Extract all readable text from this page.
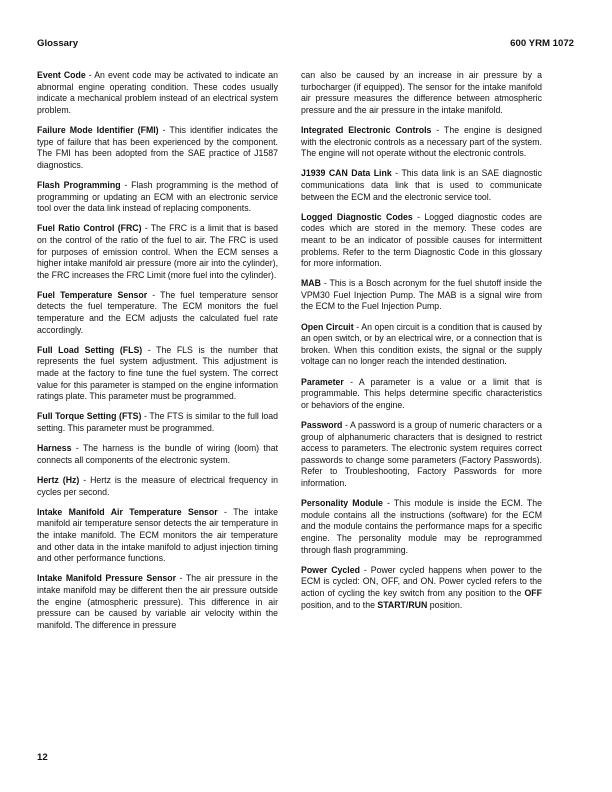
Glossary	600 YRM 1072

Event Code - An event code may be activated to indicate an abnormal engine operating condition. These codes usually indicate a mechanical problem instead of an electrical system problem.

Failure Mode Identifier (FMI) - This identifier indicates the type of failure that has been experienced by the component. The FMI has been adopted from the SAE practice of J1587 diagnostics.

Flash Programming - Flash programming is the method of programming or updating an ECM with an electronic service tool over the data link instead of replacing components.

Fuel Ratio Control (FRC) - The FRC is a limit that is based on the control of the ratio of the fuel to air. The FRC is used for purposes of emission control. When the ECM senses a higher intake manifold air pressure (more air into the cylinder), the FRC increases the FRC Limit (more fuel into the cylinder).

Fuel Temperature Sensor - The fuel temperature sensor detects the fuel temperature. The ECM monitors the fuel temperature and the ECM adjusts the calculated fuel rate accordingly.

Full Load Setting (FLS) - The FLS is the number that represents the fuel system adjustment. This adjustment is made at the factory to fine tune the fuel system. The correct value for this parameter is stamped on the engine information ratings plate. This parameter must be programmed.

Full Torque Setting (FTS) - The FTS is similar to the full load setting. This parameter must be programmed.

Harness - The harness is the bundle of wiring (loom) that connects all components of the electronic system.

Hertz (Hz) - Hertz is the measure of electrical frequency in cycles per second.

Intake Manifold Air Temperature Sensor - The intake manifold air temperature sensor detects the air temperature in the intake manifold. The ECM monitors the air temperature and other data in the intake manifold to adjust injection timing and other performance functions.

Intake Manifold Pressure Sensor - The air pressure in the intake manifold may be different then the air pressure outside the engine (atmospheric pressure). This difference in air pressure can be caused by variable air velocity within the manifold. The difference in pressure

can also be caused by an increase in air pressure by a turbocharger (if equipped). The sensor for the intake manifold air pressure measures the difference between atmospheric pressure and the air pressure in the intake manifold.

Integrated Electronic Controls - The engine is designed with the electronic controls as a necessary part of the system. The engine will not operate without the electronic controls.

J1939 CAN Data Link - This data link is an SAE diagnostic communications data link that is used to communicate between the ECM and the electronic service tool.

Logged Diagnostic Codes - Logged diagnostic codes are codes which are stored in the memory. These codes are meant to be an indicator of possible causes for intermittent problems. Refer to the term Diagnostic Code in this glossary for more information.

MAB - This is a Bosch acronym for the fuel shutoff inside the VPM30 Fuel Injection Pump. The MAB is a signal wire from the ECM to the Fuel Injection Pump.

Open Circuit - An open circuit is a condition that is caused by an open switch, or by an electrical wire, or a connection that is broken. When this condition exists, the signal or the supply voltage can no longer reach the intended destination.

Parameter - A parameter is a value or a limit that is programmable. This helps determine specific characteristics or behaviors of the engine.

Password - A password is a group of numeric characters or a group of alphanumeric characters that is designed to restrict access to parameters. The electronic system requires correct passwords to change some parameters (Factory Passwords). Refer to Troubleshooting, Factory Passwords for more information.

Personality Module - This module is inside the ECM. The module contains all the instructions (software) for the ECM and the module contains the performance maps for a specific engine. The personality module may be reprogrammed through flash programming.

Power Cycled - Power cycled happens when power to the ECM is cycled: ON, OFF, and ON. Power cycled refers to the action of cycling the key switch from any position to the OFF position, and to the START/RUN position.

12
